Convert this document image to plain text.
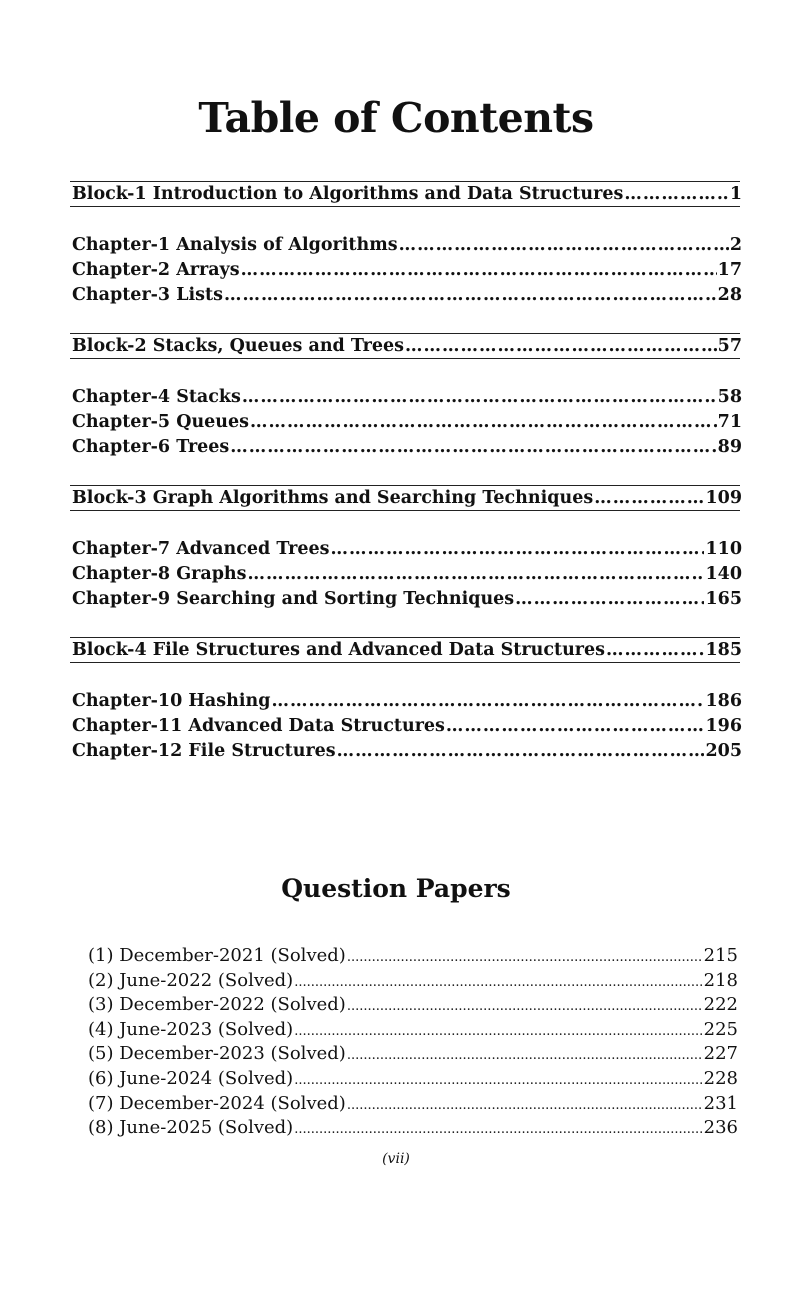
Table of Contents
Block-1 Introduction to Algorithms and Data Structures ……………………………………………………………………………………………………………………………………………………………………………………	1
Chapter-1 Analysis of Algorithms ……………………………………………………………………………………………………………………………………………………………………………………	2
Chapter-2 Arrays ……………………………………………………………………………………………………………………………………………………………………………………	17
Chapter-3 Lists ……………………………………………………………………………………………………………………………………………………………………………………	28
Block-2 Stacks, Queues and Trees ……………………………………………………………………………………………………………………………………………………………………………………	57
Chapter-4 Stacks ……………………………………………………………………………………………………………………………………………………………………………………	58
Chapter-5 Queues ……………………………………………………………………………………………………………………………………………………………………………………	71
Chapter-6 Trees ……………………………………………………………………………………………………………………………………………………………………………………	89
Block-3 Graph Algorithms and Searching Techniques ……………………………………………………………………………………………………………………………………………………………………………………	109
Chapter-7 Advanced Trees ……………………………………………………………………………………………………………………………………………………………………………………	110
Chapter-8 Graphs ……………………………………………………………………………………………………………………………………………………………………………………	140
Chapter-9 Searching and Sorting Techniques ……………………………………………………………………………………………………………………………………………………………………………………	165
Block-4 File Structures and Advanced Data Structures ……………………………………………………………………………………………………………………………………………………………………………………	185
Chapter-10 Hashing ……………………………………………………………………………………………………………………………………………………………………………………	186
Chapter-11 Advanced Data Structures ……………………………………………………………………………………………………………………………………………………………………………………	196
Chapter-12 File Structures ……………………………………………………………………………………………………………………………………………………………………………………	205
Question Papers
(1) December-2021 (Solved) .....	215
(2) June-2022 (Solved) .....	218
(3) December-2022 (Solved) .....	222
(4) June-2023 (Solved) .....	225
(5) December-2023 (Solved) .....	227
(6) June-2024 (Solved) .....	228
(7) December-2024 (Solved) .....	231
(8) June-2025 (Solved) .....	236
(vii)
